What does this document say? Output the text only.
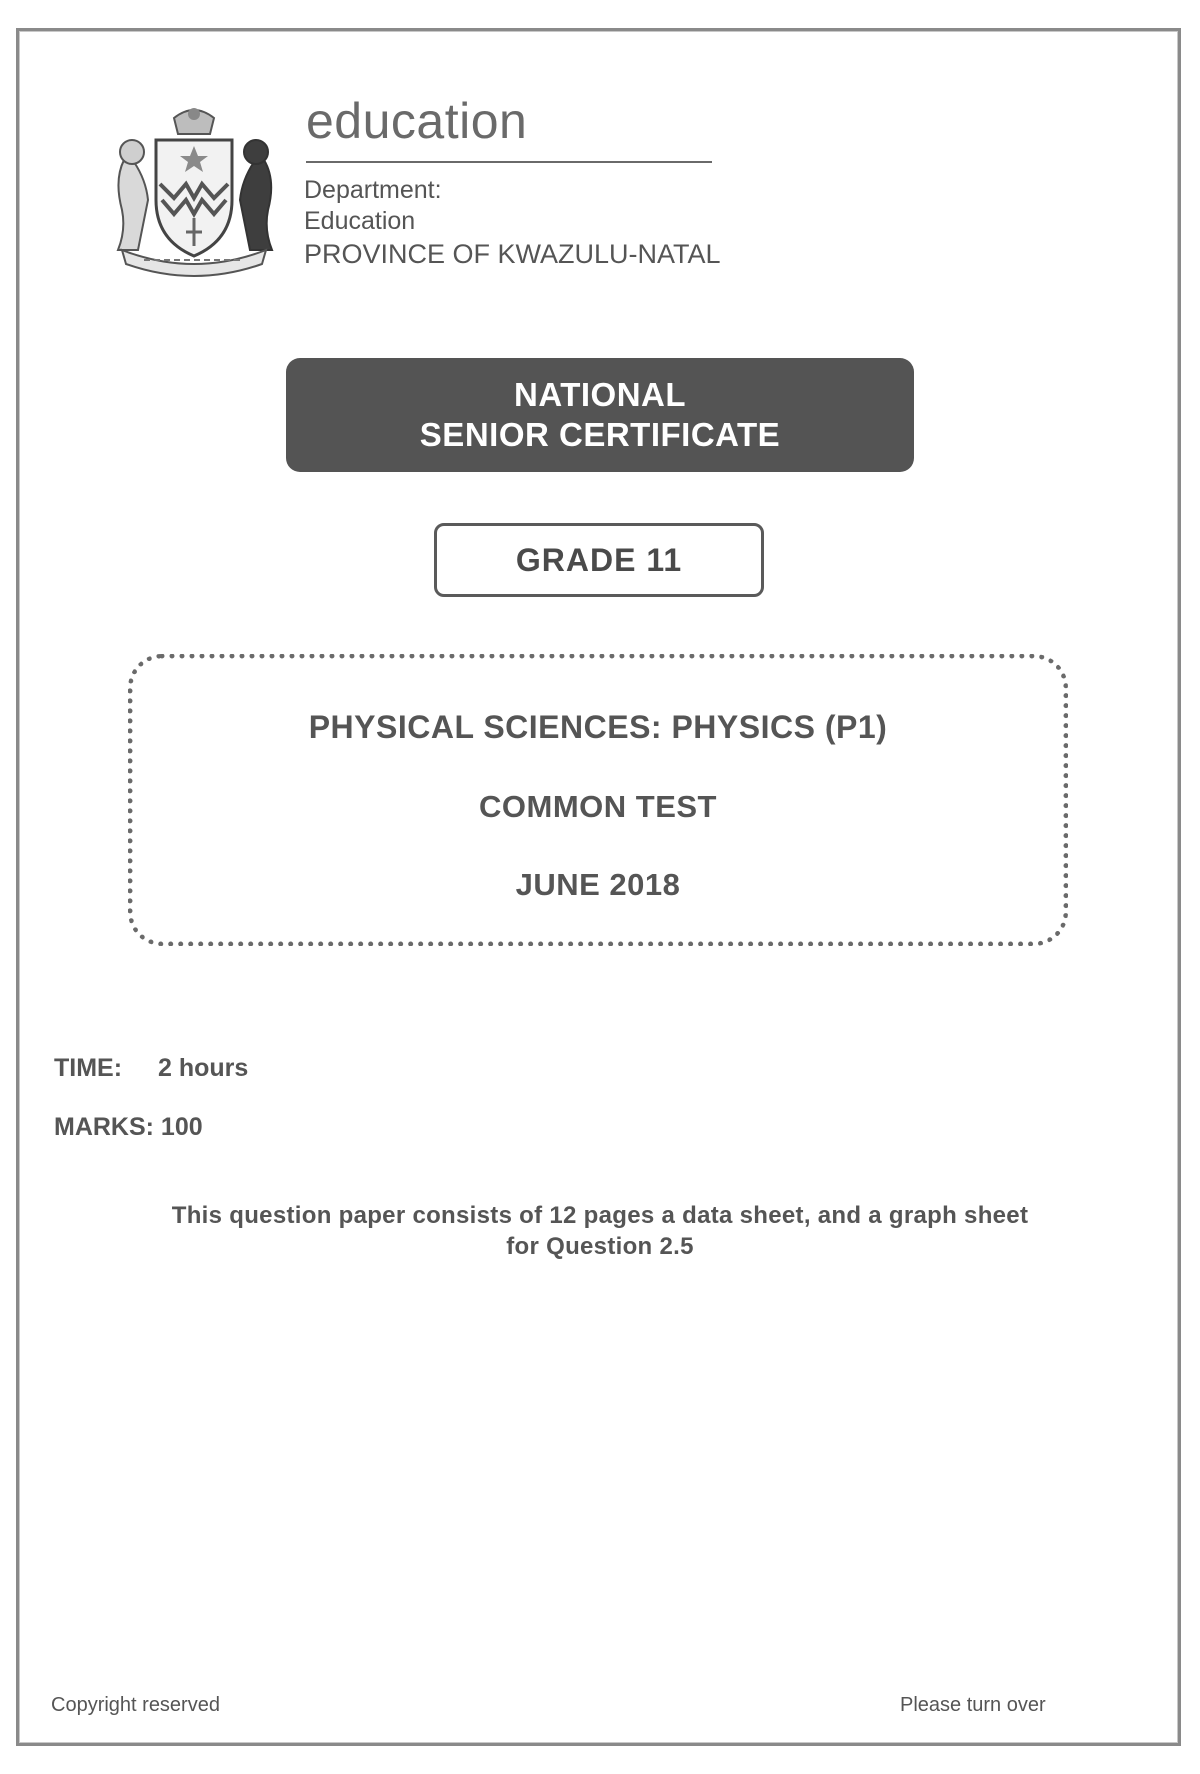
education
Department:
Education
PROVINCE OF KWAZULU-NATAL
NATIONAL
SENIOR CERTIFICATE
GRADE 11
PHYSICAL SCIENCES: PHYSICS (P1)
COMMON TEST
JUNE 2018
TIME: 2 hours
MARKS: 100
This question paper consists of 12 pages a data sheet, and a graph sheet
for Question 2.5
Copyright reserved	Please turn over
